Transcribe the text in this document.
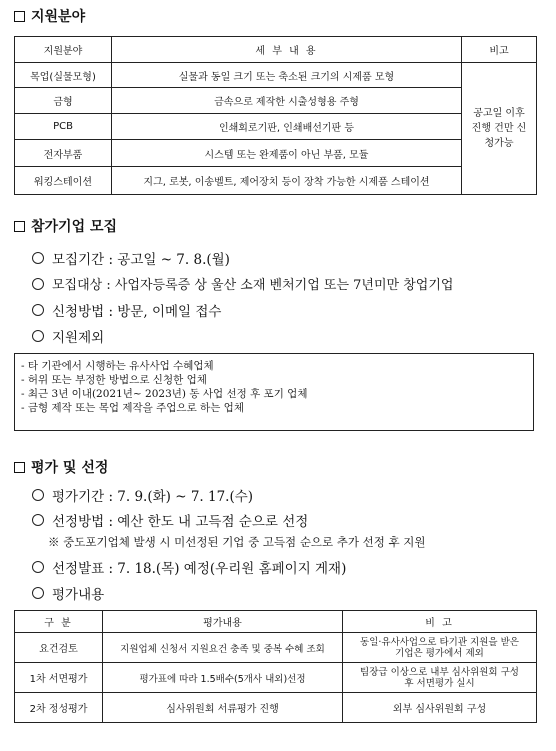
지원분야
지원분야	세 부 내 용	비고
목업(실물모형)	실물과 동일 크기 또는 축소된 크기의 시제품 모형	공고일 이후 진행 건만 신청가능
금형	금속으로 제작한 시출성형용 주형	
PCB	인쇄회로기판, 인쇄배선기판 등	
전자부품	시스템 또는 완제품이 아닌 부품, 모듈	
워킹스테이션	지그, 로봇, 이송벨트, 제어장치 등이 장착 가능한 시제품 스테이션	
참가기업 모집
모집기간 : 공고일 ~ 7. 8.(월)
모집대상 : 사업자등록증 상 울산 소재 벤처기업 또는 7년미만 창업기업
신청방법 : 방문, 이메일 접수
지원제외
- 타 기관에서 시행하는 유사사업 수혜업체
- 허위 또는 부정한 방법으로 신청한 업체
- 최근 3년 이내(2021년~ 2023년) 동 사업 선정 후 포기 업체
- 금형 제작 또는 목업 제작을 주업으로 하는 업체
평가 및 선정
평가기간 : 7. 9.(화) ~ 7. 17.(수)
선정방법 : 예산 한도 내 고득점 순으로 선정
※ 중도포기업체 발생 시 미선정된 기업 중 고득점 순으로 추가 선정 후 지원
선정발표 : 7. 18.(목) 예정(우리원 홈페이지 게재)
평가내용
구 분	평가내용	비 고
요건검토	지원업체 신청서 지원요건 충족 및 중복 수혜 조회	동일·유사사업으로 타기관 지원을 받은 기업은 평가에서 제외
1차 서면평가	평가표에 따라 1.5배수(5개사 내외)선정	팀장급 이상으로 내부 심사위원회 구성 후 서면평가 실시
2차 정성평가	심사위원회 서류평가 진행	외부 심사위원회 구성
